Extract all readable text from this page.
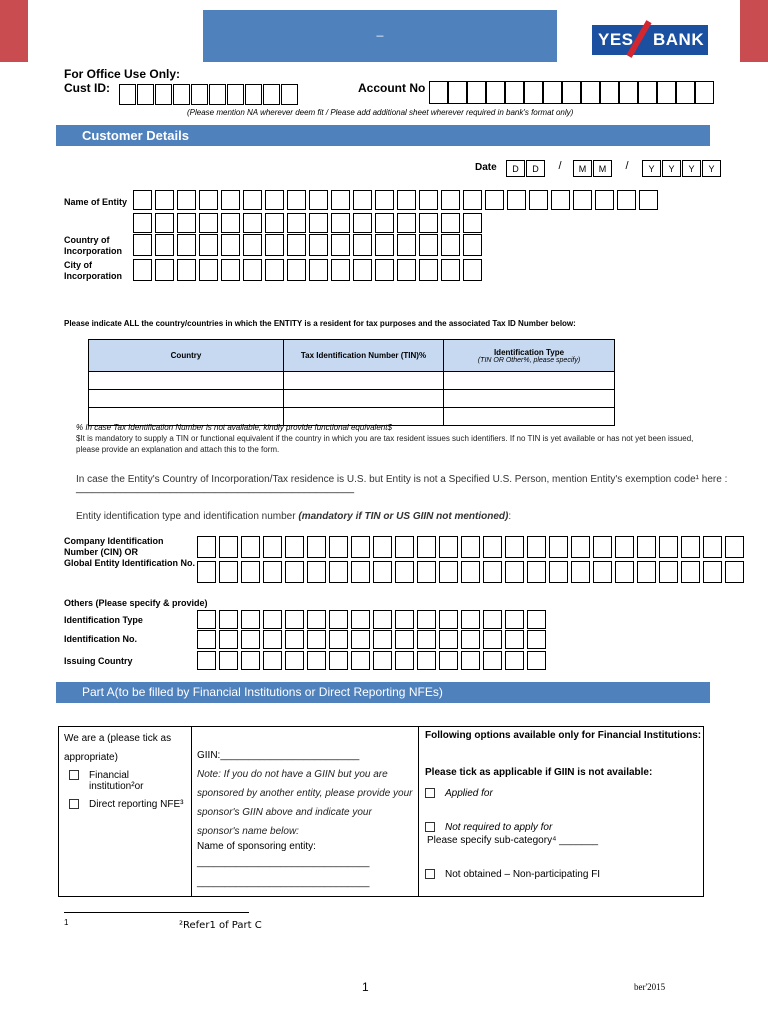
_	YES BANK
For Office Use Only:
Cust ID:	Account No
(Please mention NA wherever deem fit / Please add additional sheet wherever required in bank's format only)
Customer Details
Date	D	D	/	M	M	/	Y	Y	Y	Y
Name of Entity
Country of
Incorporation
City of
Incorporation
Please indicate ALL the country/countries in which the ENTITY is a resident for tax purposes and the associated Tax ID Number below:
Country	Tax Identification Number (TIN)%	Identification Type
(TIN OR Other%, please specify)

% In case Tax Identification Number is not available, kindly provide functional equivalent$
$It is mandatory to supply a TIN or functional equivalent if the country in which you are tax resident issues such identifiers. If no TIN is yet available or has not yet been issued, please provide an explanation and attach this to the form.
In case the Entity's Country of Incorporation/Tax residence is U.S. but Entity is not a Specified U.S. Person, mention Entity's exemption code¹ here :
__________________________________________________
Entity identification type and identification number (mandatory if TIN or US GIIN not mentioned):
Company Identification
Number (CIN) OR
Global Entity Identification No.
Others (Please specify & provide)
Identification Type
Identification No.
Issuing Country
Part A(to be filled by Financial Institutions or Direct Reporting NFEs)
We are a (please tick as appropriate)
Financial institution²or
Direct reporting NFE³
GIIN:_________________________
Note: If you do not have a GIIN but you are sponsored by another entity, please provide your sponsor's GIIN above and indicate your sponsor's name below:
Name of sponsoring entity:
_______________________________
_______________________________
Following options available only for Financial Institutions:
Please tick as applicable if GIIN is not available:
Applied for
Not required to apply for
Please specify sub-category⁴ _______
Not obtained – Non-participating FI
1	²Refer1 of Part C
1	ber'2015
